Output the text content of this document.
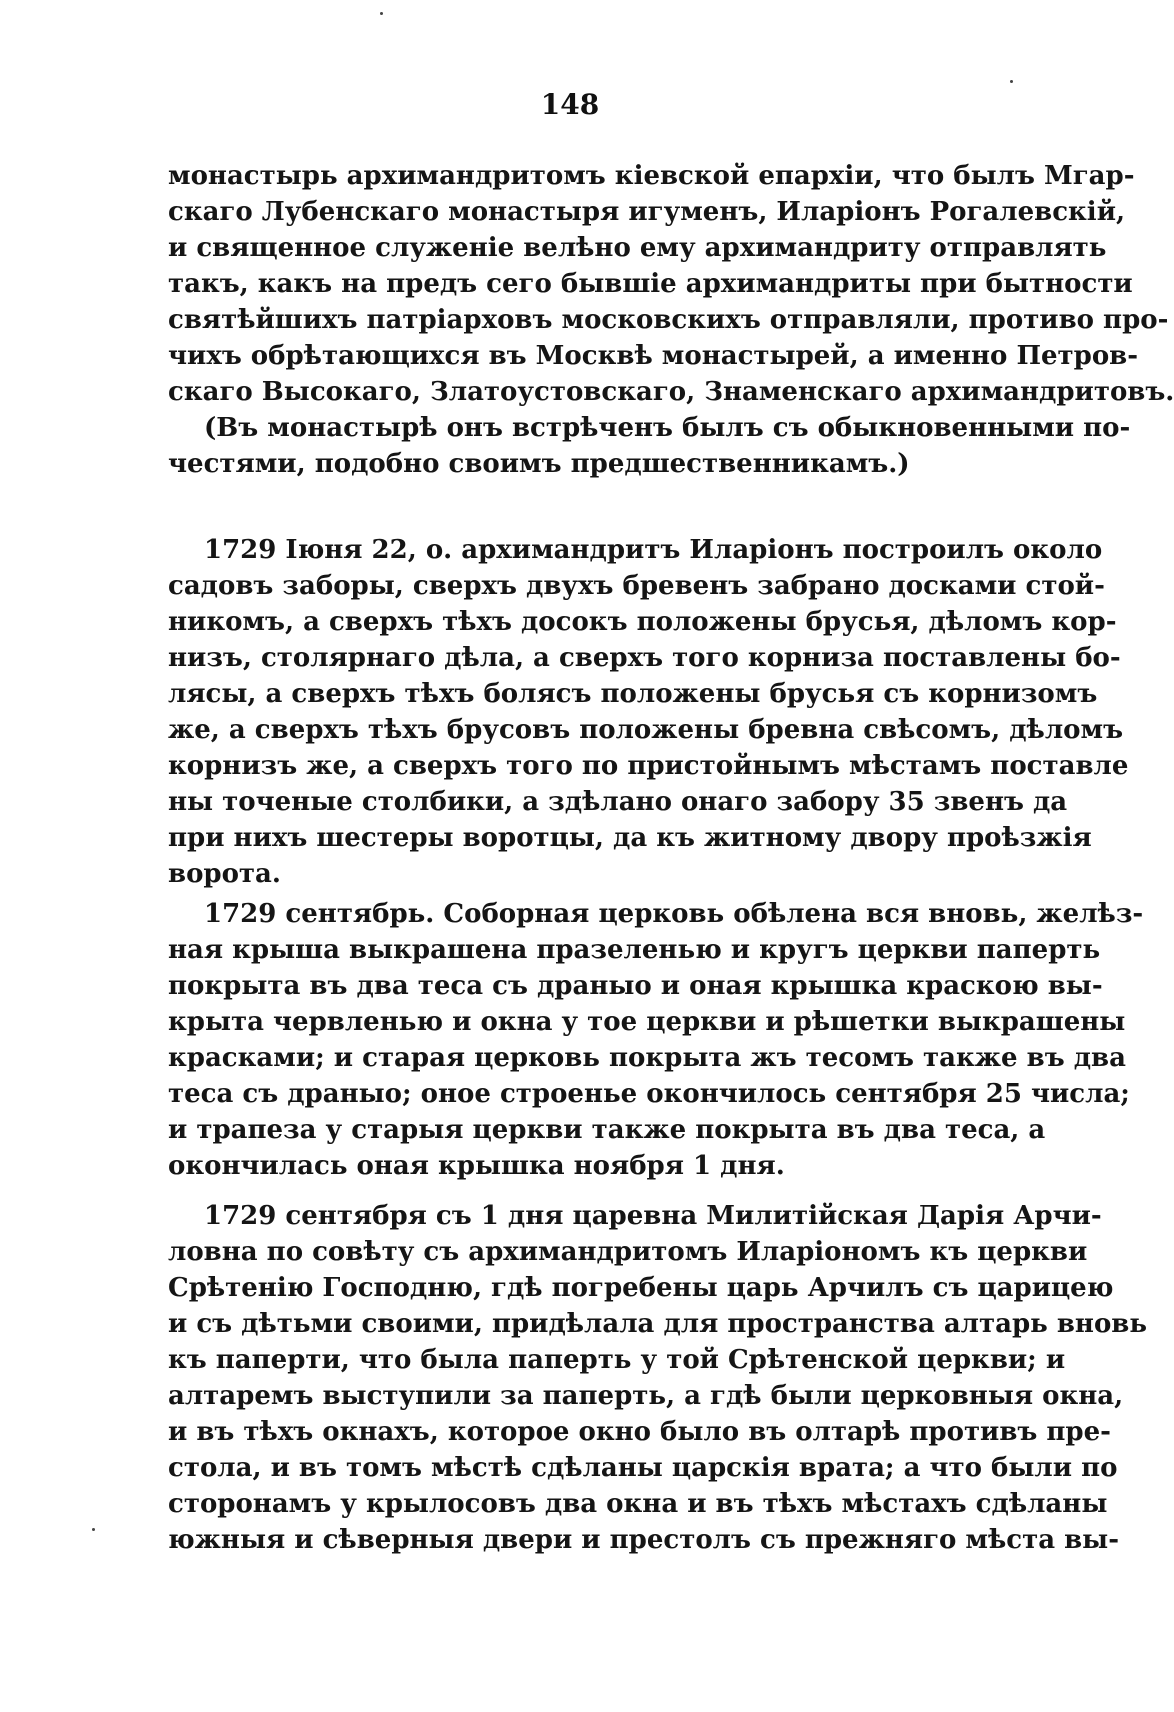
148
монастырь архимандритомъ кіевской епархіи, что былъ Мгар-
скаго Лубенскаго монастыря игуменъ, Иларіонъ Рогалевскій,
и священное служеніе велѣно ему архимандриту отправлять
такъ, какъ на предъ сего бывшіе архимандриты при бытности
святѣйшихъ патріарховъ московскихъ отправляли, противо про-
чихъ обрѣтающихся въ Москвѣ монастырей, а именно Петров-
скаго Высокаго, Златоустовскаго, Знаменскаго архимандритовъ.
(Въ монастырѣ онъ встрѣченъ былъ съ обыкновенными по-
честями, подобно своимъ предшественникамъ.)
1729 Іюня 22, о. архимандритъ Иларіонъ построилъ около
садовъ заборы, сверхъ двухъ бревенъ забрано досками стой-
никомъ, а сверхъ тѣхъ досокъ положены брусья, дѣломъ кор-
низъ, столярнаго дѣла, а сверхъ того корниза поставлены бо-
лясы, а сверхъ тѣхъ болясъ положены брусья съ корнизомъ
же, а сверхъ тѣхъ брусовъ положены бревна свѣсомъ, дѣломъ
корнизъ же, а сверхъ того по пристойнымъ мѣстамъ поставле
ны точеные столбики, а здѣлано онаго забору 35 звенъ да
при нихъ шестеры воротцы, да къ житному двору проѣзжія
ворота.
1729 сентябрь. Соборная церковь обѣлена вся вновь, желѣз-
ная крыша выкрашена празеленью и кругъ церкви паперть
покрыта въ два теса съ драныо и оная крышка краскою вы-
крыта червленью и окна у тое церкви и рѣшетки выкрашены
красками; и старая церковь покрыта жъ тесомъ также въ два
теса съ драныо; оное строенье окончилось сентября 25 числа;
и трапеза у старыя церкви также покрыта въ два теса, а
окончилась оная крышка ноября 1 дня.
1729 сентября съ 1 дня царевна Милитійская Дарія Арчи-
ловна по совѣту съ архимандритомъ Иларіономъ къ церкви
Срѣтенію Господню, гдѣ погребены царь Арчилъ съ царицею
и съ дѣтьми своими, придѣлала для пространства алтарь вновь
къ паперти, что была паперть у той Срѣтенской церкви; и
алтаремъ выступили за паперть, а гдѣ были церковныя окна,
и въ тѣхъ окнахъ, которое окно было въ олтарѣ противъ пре-
стола, и въ томъ мѣстѣ сдѣланы царскія врата; а что были по
сторонамъ у крылосовъ два окна и въ тѣхъ мѣстахъ сдѣланы
южныя и сѣверныя двери и престолъ съ прежняго мѣста вы-
